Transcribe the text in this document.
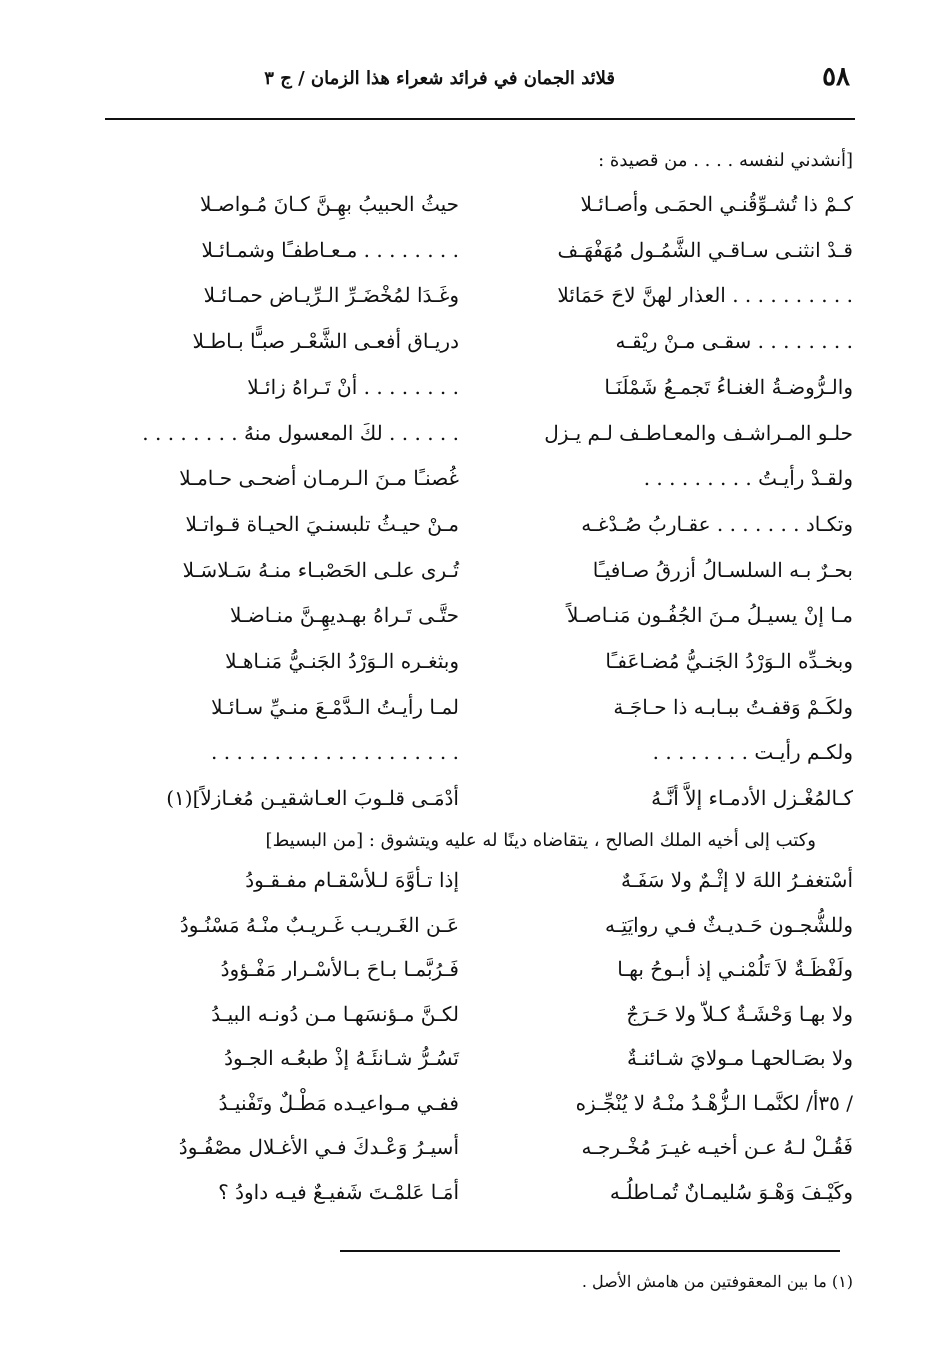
٥٨
قلائد الجمان في فرائد شعراء هذا الزمان / ج ٣
[أنشدني لنفسه . . . . من قصيدة :
كـمْ ذا تُشـوِّقُنـي الحمَـى وأصـائـلا
حيثُ الحبيبُ بهِـنَّ كـانَ مُـواصـلا
قـدْ انثنـى سـاقـي الشَّمُـول مُهَفْهَـف
. . . . . . . . مـعـاطفـًا وشمـائـلا
. . . . . . . . . . العذار لهنَّ لاحَ حَمَائلا
وغَـدَا لمُخْضَـرِّ الـرِّيـاض حمـائـلا
. . . . . . . . سقـى مـنْ ريْقـه
دريـاق أفعـى الشَّعْـر صبـًّا بـاطـلا
والـرُّوضـةُ الغنـاءُ تَجمـعُ شَمْلَنَـا
. . . . . . . . أنْ تَـراهُ زائـلا
حلـو المـراشـف والمعـاطـف لـم يـزل
. . . . . . لكَ المعسول منهُ . . . . . . . .
ولقـدْ رأيـتُ . . . . . . . . .
غُصنـًا مـنَ الـرمـان أضحـى حـامـلا
وتكـاد . . . . . . . عقـاربُ صُـدْغـه
مـنْ حيـثُ تلبسنـيَ الحيـاة قـواتـلا
بحـرٌ بـه السلسـالُ أزرقُ صـافيـًا
تُـرى علـى الحَصْبـاء منـهُ سَـلاسَـلا
مـا إنْ يسيـلُ مـنَ الجُفُـون مَنـاصـلاً
حتَّـى تَـراهُ بهـديهِـنَّ منـاضـلا
وبخـدِّه الـوَرْدُ الجَنـيُّ مُضـاعَفـًا
وبثغـره الـوَرْدُ الجَنـيُّ مَنـاهـلا
ولكَـمْ وَقفـتُ ببـابـه ذا حـاجَـة
لمـا رأيـتُ الـدَّمْـعَ منـيِّ سـائـلا
ولكـم رأيـت . . . . . . . .
. . . . . . . . . . . . . . . . . . . .
كـالمُغْـزل الأدمـاء إلاَّ أنَّـهُ
أدْمَـى قلـوبَ العـاشقيـن مُغـازلاً](١)
وكتب إلى أخيه الملك الصالح ، يتقاضاه دينًا له عليه ويتشوق : [من البسيط]
أسْتغفـرُ اللهَ لا إثْـمٌ ولا سَفَـهٌ
إذا تـأوَّهَ لـلأسْقـام مفـقـودُ
وللشُّجـون حَـديـثٌ فـي روايَتِـه
عَـن الغَـريـب غَـريـبٌ منْـهُ مَسْنُـودُ
ولَفْظَـةٌ لاَ تَلُمْنـي إذ أبـوحُ بهـا
فَـرُبَّمـا بـاحَ بـالأسْـرار مَفْـؤودُ
ولا بهـا وَحْشَـةٌ كـلاّ ولا حَـرَجٌ
لكـنَّ مـؤنسَهـا مـن دُونـه البيـدُ
ولا بصَـالحهـا مـولايَ شـائنـةٌ
تَسُـرُّ شـانئَـهُ إذْ طبعُـه الجـودُ
/ ٣٥أ/ لكنَّمـا الـزُّهْـدُ منْـهُ لا يُنْجِّـزه
ففـي مـواعيـده مَطْـلٌ وتَفْنيـدُ
فَقُـلْ لـهُ عـن أخيـه غيـرَ مُخْـرجـه
أسيـرُ وَعْـدكَ فـي الأغـلال مصْفُـودُ
وكَيْـفَ وَهْـوَ سُليمـانٌ تُمـاطلُـه
أمَـا عَلمْـتَ شَفيـعٌ فيـه داودُ ؟
(١) ما بين المعقوفتين من هامش الأصل .
